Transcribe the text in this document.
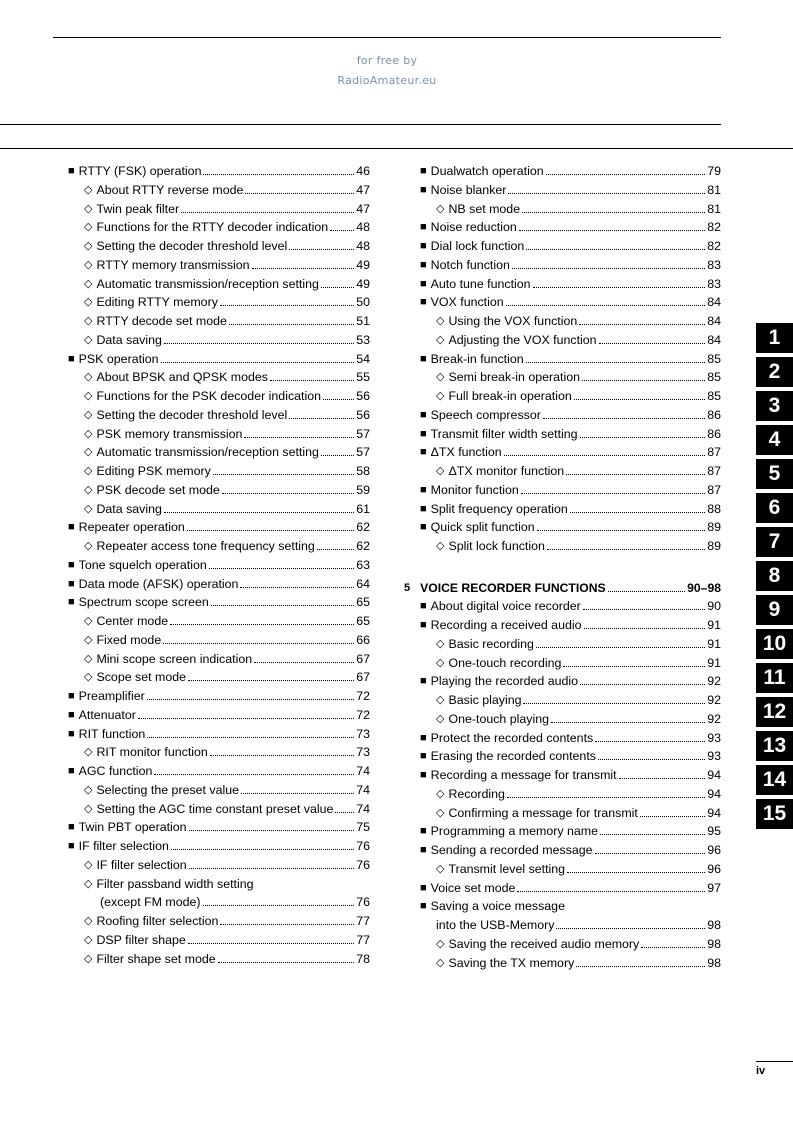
for free by
RadioAmateur.eu
■ RTTY (FSK) operation	46
◇ About RTTY reverse mode	47
◇ Twin peak filter	47
◇ Functions for the RTTY decoder indication 48
◇ Setting the decoder threshold level	48
◇ RTTY memory transmission	49
◇ Automatic transmission/reception setting	49
◇ Editing RTTY memory	50
◇ RTTY decode set mode	51
◇ Data saving	53
■ PSK operation	54
◇ About BPSK and QPSK modes	55
◇ Functions for the PSK decoder indication	56
◇ Setting the decoder threshold level	56
◇ PSK memory transmission	57
◇ Automatic transmission/reception setting	57
◇ Editing PSK memory	58
◇ PSK decode set mode	59
◇ Data saving	61
■ Repeater operation	62
◇ Repeater access tone frequency setting	62
■ Tone squelch operation	63
■ Data mode (AFSK) operation	64
■ Spectrum scope screen	65
◇ Center mode	65
◇ Fixed mode	66
◇ Mini scope screen indication	67
◇ Scope set mode	67
■ Preamplifier	72
■ Attenuator	72
■ RIT function	73
◇ RIT monitor function	73
■ AGC function	74
◇ Selecting the preset value	74
◇ Setting the AGC time constant preset value 74
■ Twin PBT operation	75
■ IF filter selection	76
◇ IF filter selection	76
◇ Filter passband width setting
(except FM mode)	76
◇ Roofing filter selection	77
◇ DSP filter shape	77
◇ Filter shape set mode	78
■ Dualwatch operation	79
■ Noise blanker	81
◇ NB set mode	81
■ Noise reduction	82
■ Dial lock function	82
■ Notch function	83
■ Auto tune function	83
■ VOX function	84
◇ Using the VOX function	84
◇ Adjusting the VOX function	84
■ Break-in function	85
◇ Semi break-in operation	85
◇ Full break-in operation	85
■ Speech compressor	86
■ Transmit filter width setting	86
■ ΔTX function	87
◇ ΔTX monitor function	87
■ Monitor function	87
■ Split frequency operation	88
■ Quick split function	89
◇ Split lock function	89
5 VOICE RECORDER FUNCTIONS	90–98
■ About digital voice recorder	90
■ Recording a received audio	91
◇ Basic recording	91
◇ One-touch recording	91
■ Playing the recorded audio	92
◇ Basic playing	92
◇ One-touch playing	92
■ Protect the recorded contents	93
■ Erasing the recorded contents	93
■ Recording a message for transmit	94
◇ Recording	94
◇ Confirming a message for transmit	94
■ Programming a memory name	95
■ Sending a recorded message	96
◇ Transmit level setting	96
■ Voice set mode	97
■ Saving a voice message
into the USB-Memory	98
◇ Saving the received audio memory	98
◇ Saving the TX memory	98
1
2
3
4
5
6
7
8
9
10
11
12
13
14
15
iv
